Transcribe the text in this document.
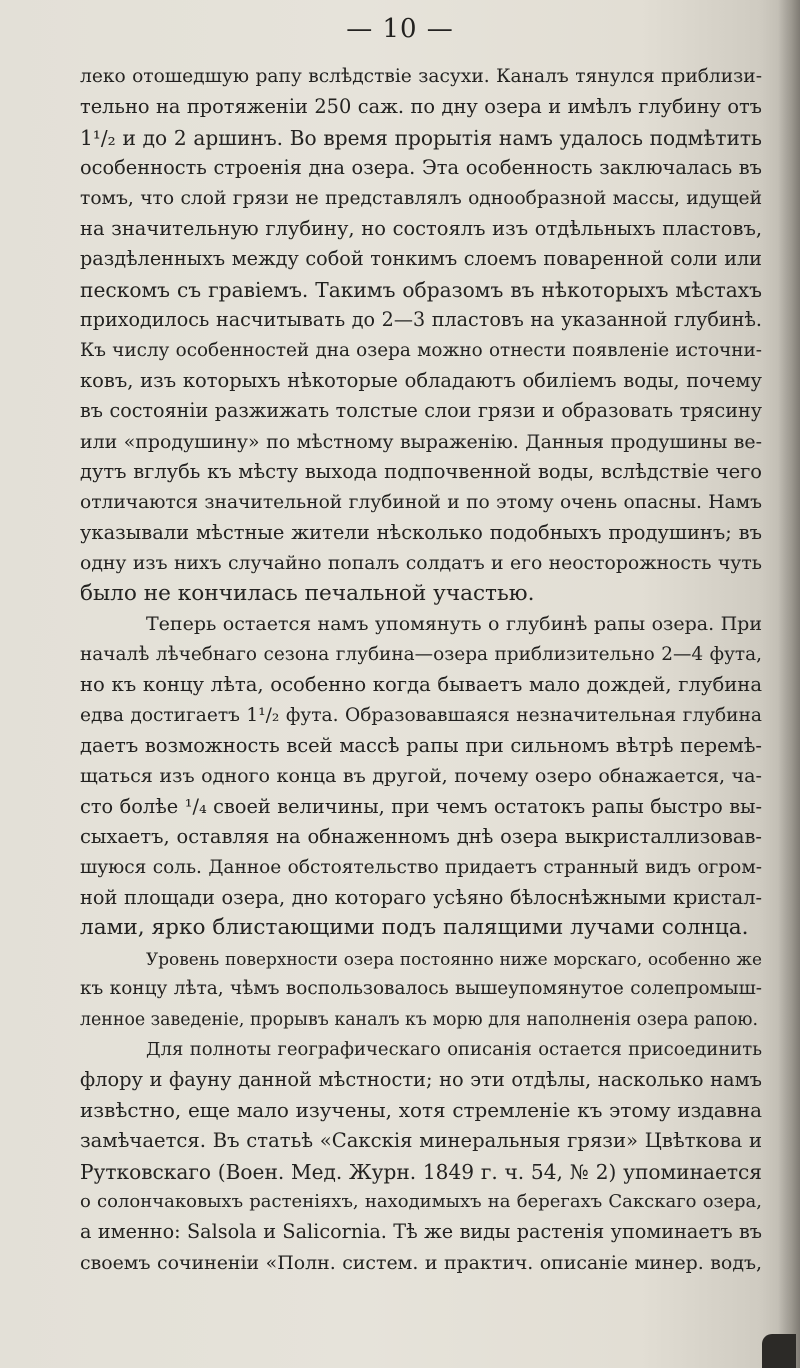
— 10 —
леко отошедшую рапу вслѣдствіе засухи. Каналъ тянулся приблизи-
тельно на протяженіи 250 саж. по дну озера и имѣлъ глубину отъ
1¹/₂ и до 2 аршинъ. Во время прорытія намъ удалось подмѣтить
особенность строенія дна озера. Эта особенность заключалась въ
томъ, что слой грязи не представлялъ однообразной массы, идущей
на значительную глубину, но состоялъ изъ отдѣльныхъ пластовъ,
раздѣленныхъ между собой тонкимъ слоемъ поваренной соли или
пескомъ съ гравіемъ. Такимъ образомъ въ нѣкоторыхъ мѣстахъ
приходилось насчитывать до 2—3 пластовъ на указанной глубинѣ.
Къ числу особенностей дна озера можно отнести появленіе источни-
ковъ, изъ которыхъ нѣкоторые обладаютъ обиліемъ воды, почему
въ состояніи разжижать толстые слои грязи и образовать трясину
или «продушину» по мѣстному выраженію. Данныя продушины ве-
дутъ вглубь къ мѣсту выхода подпочвенной воды, вслѣдствіе чего
отличаются значительной глубиной и по этому очень опасны. Намъ
указывали мѣстные жители нѣсколько подобныхъ продушинъ; въ
одну изъ нихъ случайно попалъ солдатъ и его неосторожность чуть
было не кончилась печальной участью.
Теперь остается намъ упомянуть о глубинѣ рапы озера. При
началѣ лѣчебнаго сезона глубина—озера приблизительно 2—4 фута,
но къ концу лѣта, особенно когда бываетъ мало дождей, глубина
едва достигаетъ 1¹/₂ фута. Образовавшаяся незначительная глубина
даетъ возможность всей массѣ рапы при сильномъ вѣтрѣ перемѣ-
щаться изъ одного конца въ другой, почему озеро обнажается, ча-
сто болѣе ¹/₄ своей величины, при чемъ остатокъ рапы быстро вы-
сыхаетъ, оставляя на обнаженномъ днѣ озера выкристаллизовав-
шуюся соль. Данное обстоятельство придаетъ странный видъ огром-
ной площади озера, дно котораго усѣяно бѣлоснѣжными кристал-
лами, ярко блистающими подъ палящими лучами солнца.
Уровень поверхности озера постоянно ниже морскаго, особенно же
къ концу лѣта, чѣмъ воспользовалось вышеупомянутое солепромыш-
ленное заведеніе, прорывъ каналъ къ морю для наполненія озера рапою.
Для полноты географическаго описанія остается присоединить
флору и фауну данной мѣстности; но эти отдѣлы, насколько намъ
извѣстно, еще мало изучены, хотя стремленіе къ этому издавна
замѣчается. Въ статьѣ «Сакскія минеральныя грязи» Цвѣткова и
Рутковскаго (Воен. Мед. Журн. 1849 г. ч. 54, № 2) упоминается
о солончаковыхъ растеніяхъ, находимыхъ на берегахъ Сакскаго озера,
а именно: Salsola и Salicornia. Тѣ же виды растенія упоминаетъ въ
своемъ сочиненіи «Полн. систем. и практич. описаніе минер. водъ,
